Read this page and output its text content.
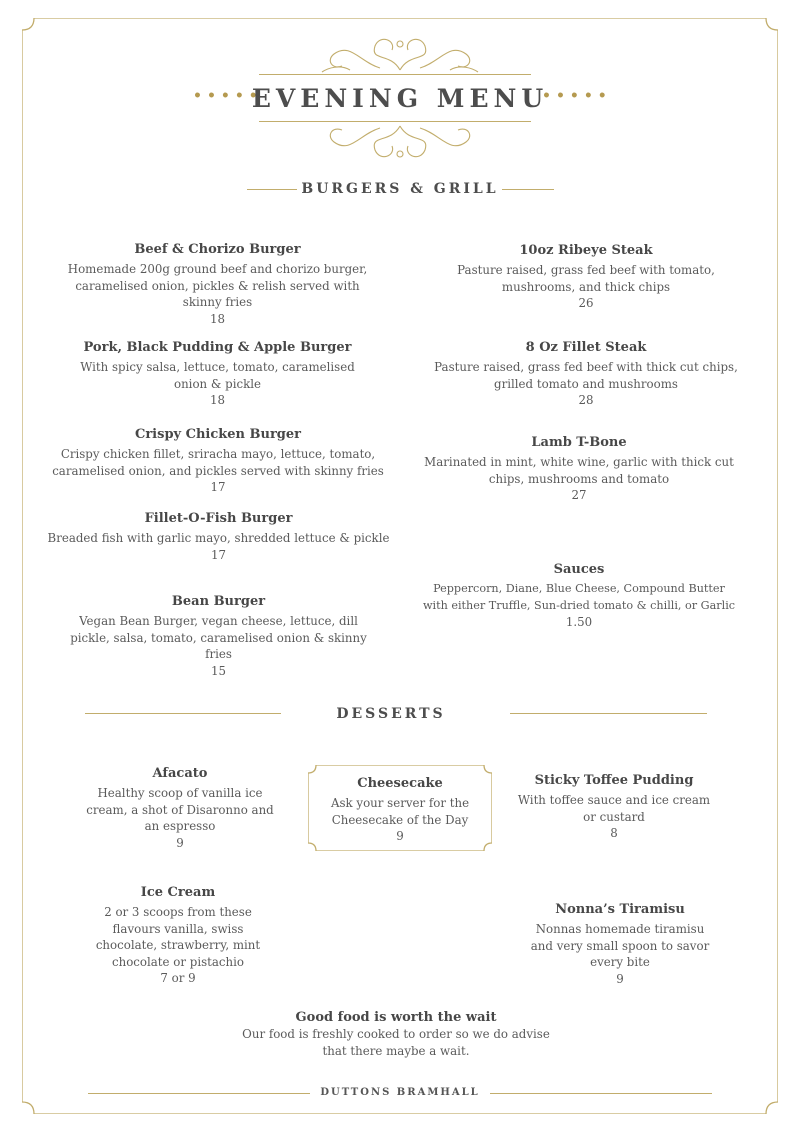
•••••	•••••
EVENING MENU
BURGERS & GRILL
Beef & Chorizo Burger
Homemade 200g ground beef and chorizo burger, caramelised onion, pickles & relish served with skinny fries
18
Pork, Black Pudding & Apple Burger
With spicy salsa, lettuce, tomato, caramelised onion & pickle
18
Crispy Chicken Burger
Crispy chicken fillet, sriracha mayo, lettuce, tomato, caramelised onion, and pickles served with skinny fries
17
Fillet-O-Fish Burger
Breaded fish with garlic mayo, shredded lettuce & pickle
17
Bean Burger
Vegan Bean Burger, vegan cheese, lettuce, dill pickle, salsa, tomato, caramelised onion & skinny fries
15
10oz Ribeye Steak
Pasture raised, grass fed beef with tomato, mushrooms, and thick chips
26
8 Oz Fillet Steak
Pasture raised, grass fed beef with thick cut chips, grilled tomato and mushrooms
28
Lamb T-Bone
Marinated in mint, white wine, garlic with thick cut chips, mushrooms and tomato
27
Sauces
Peppercorn, Diane, Blue Cheese, Compound Butter with either Truffle, Sun-dried tomato & chilli, or Garlic
1.50
DESSERTS
Afacato
Healthy scoop of vanilla ice cream, a shot of Disaronno and an espresso
9
Cheesecake
Ask your server for the Cheesecake of the Day
9
Sticky Toffee Pudding
With toffee sauce and ice cream or custard
8
Ice Cream
2 or 3 scoops from these flavours vanilla, swiss chocolate, strawberry, mint chocolate or pistachio
7 or 9
Nonna’s Tiramisu
Nonnas homemade tiramisu and very small spoon to savor every bite
9
Good food is worth the wait
Our food is freshly cooked to order so we do advise that there maybe a wait.
DUTTONS BRAMHALL
